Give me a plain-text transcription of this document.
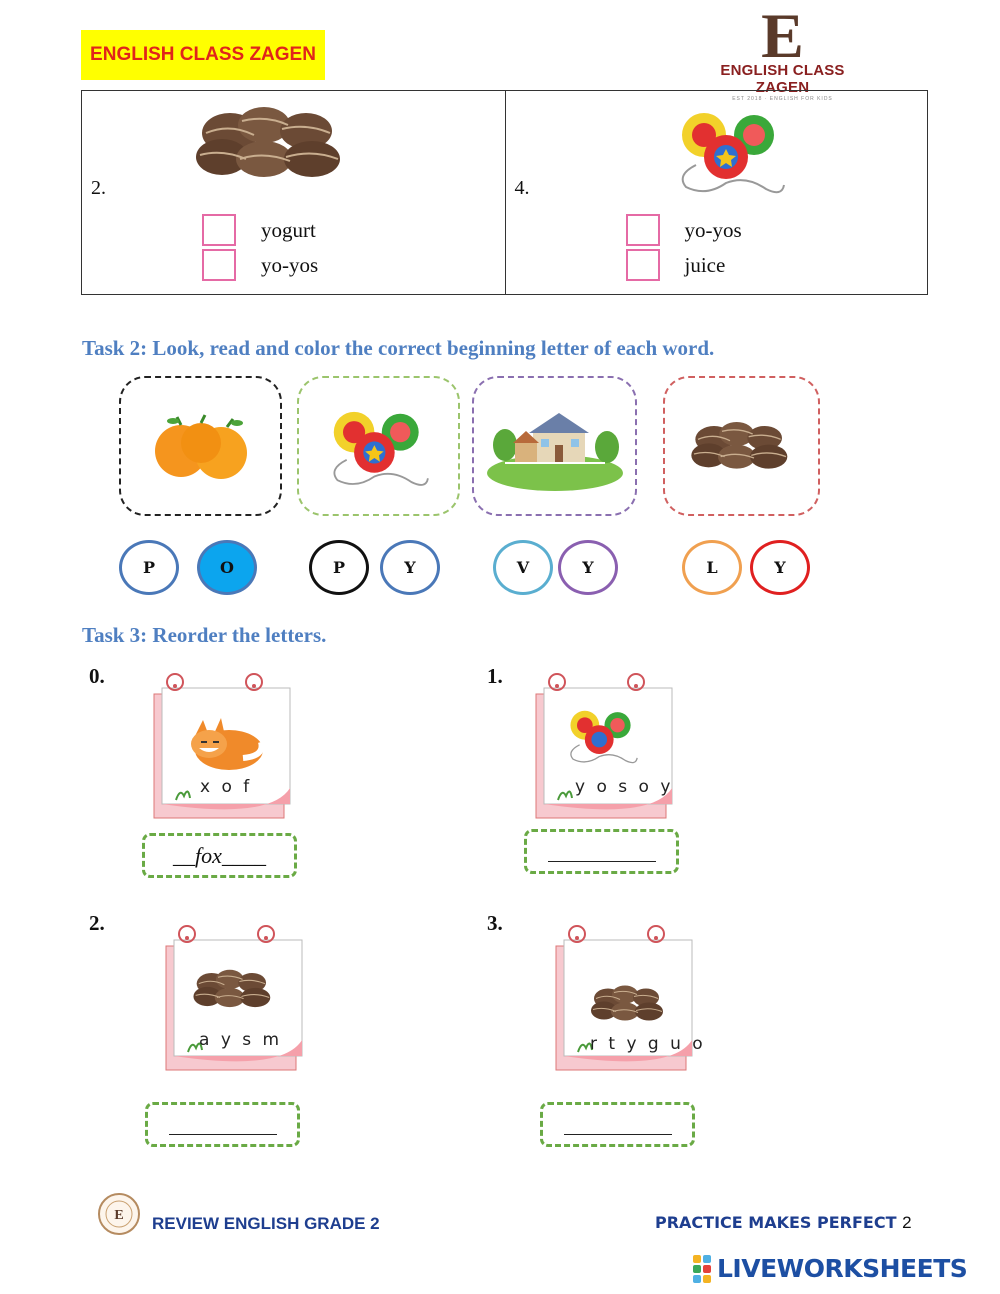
ENGLISH CLASS ZAGEN	E
ENGLISH CLASS ZAGEN
EST 2018 · ENGLISH FOR KIDS
2.
yogurt
yo-yos
4.
yo-yos
juice
Task 2: Look, read and color the correct beginning letter of each word.
P	O	P	Y	V	Y	L	Y
Task 3: Reorder the letters.
0.
x o f
__ fox ____
1.
y o s o y
2.
a y s m
3.
r t y g u o
E REVIEW ENGLISH GRADE 2	PRACTICE MAKES PERFECT 2
LIVEWORKSHEETS
